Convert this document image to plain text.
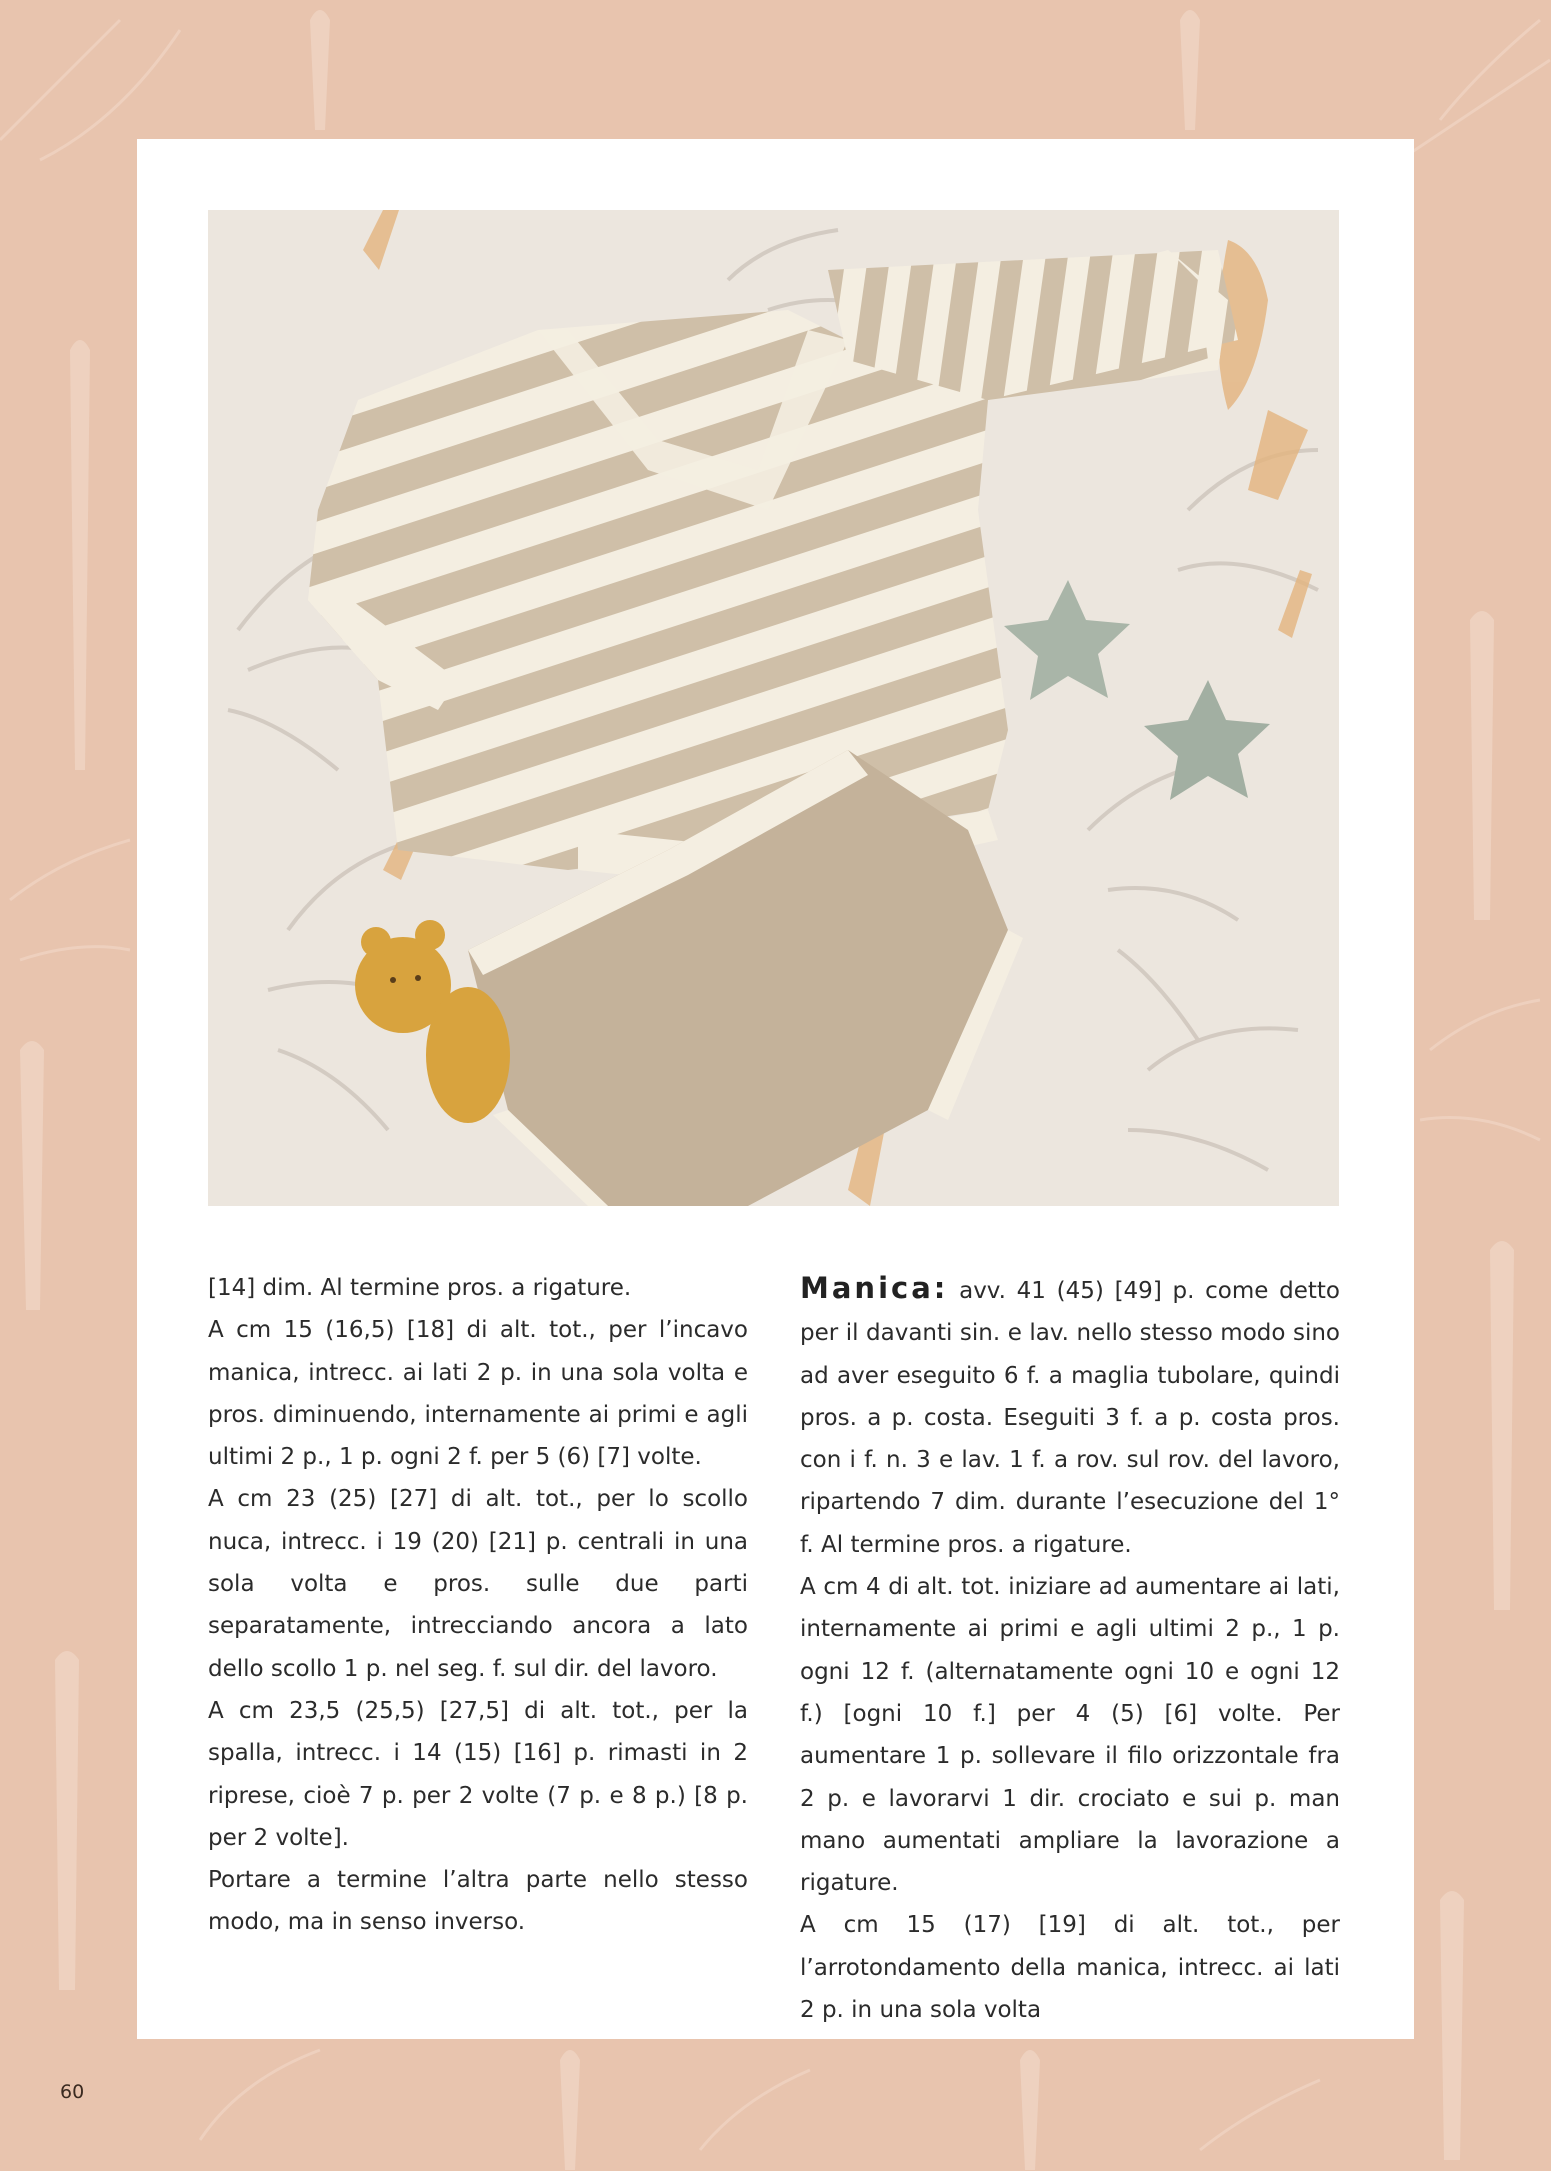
[14] dim. Al termine pros. a rigature.

A cm 15 (16,5) [18] di alt. tot., per l’incavo manica, intrecc. ai lati 2 p. in una sola volta e pros. diminuendo, internamente ai primi e agli ultimi 2 p., 1 p. ogni 2 f. per 5 (6) [7] volte.

A cm 23 (25) [27] di alt. tot., per lo scollo nuca, intrecc. i 19 (20) [21] p. centrali in una sola volta e pros. sulle due parti separatamente, intrecciando ancora a lato dello scollo 1 p. nel seg. f. sul dir. del lavoro.

A cm 23,5 (25,5) [27,5] di alt. tot., per la spalla, intrecc. i 14 (15) [16] p. rimasti in 2 riprese, cioè 7 p. per 2 volte (7 p. e 8 p.) [8 p. per 2 volte].

Portare a termine l’altra parte nello stesso modo, ma in senso inverso.

Manica: avv. 41 (45) [49] p. come detto per il davanti sin. e lav. nello stesso modo sino ad aver eseguito 6 f. a maglia tubolare, quindi pros. a p. costa. Eseguiti 3 f. a p. costa pros. con i f. n. 3 e lav. 1 f. a rov. sul rov. del lavoro, ripartendo 7 dim. durante l’esecuzione del 1° f. Al termine pros. a rigature.

A cm 4 di alt. tot. iniziare ad aumentare ai lati, internamente ai primi e agli ultimi 2 p., 1 p. ogni 12 f. (alternatamente ogni 10 e ogni 12 f.) [ogni 10 f.] per 4 (5) [6] volte. Per aumentare 1 p. sollevare il filo orizzontale fra 2 p. e lavorarvi 1 dir. crociato e sui p. man mano aumentati ampliare la lavorazione a rigature.

A cm 15 (17) [19] di alt. tot., per l’arrotondamento della manica, intrecc. ai lati 2 p. in una sola volta

60
